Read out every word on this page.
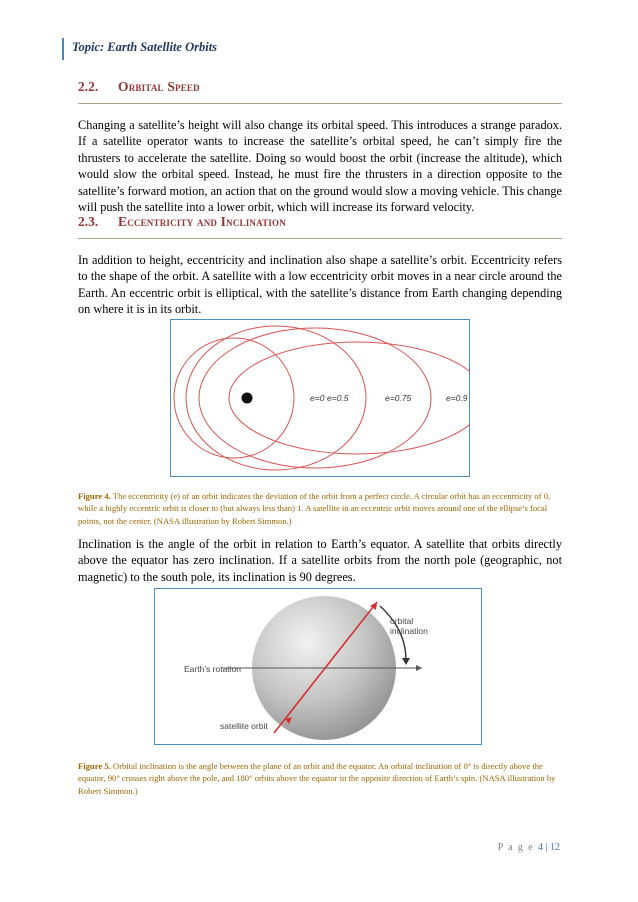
Topic: Earth Satellite Orbits
2.2. Orbital Speed
Changing a satellite’s height will also change its orbital speed. This introduces a strange paradox. If a satellite operator wants to increase the satellite’s orbital speed, he can’t simply fire the thrusters to accelerate the satellite. Doing so would boost the orbit (increase the altitude), which would slow the orbital speed. Instead, he must fire the thrusters in a direction opposite to the satellite’s forward motion, an action that on the ground would slow a moving vehicle. This change will push the satellite into a lower orbit, which will increase its forward velocity.
2.3. Eccentricity and Inclination
In addition to height, eccentricity and inclination also shape a satellite’s orbit. Eccentricity refers to the shape of the orbit. A satellite with a low eccentricity orbit moves in a near circle around the Earth. An eccentric orbit is elliptical, with the satellite’s distance from Earth changing depending on where it is in its orbit.
e=0 e=0.5	e=0.75	e=0.9
Figure 4. The eccentricity (e) of an orbit indicates the deviation of the orbit from a perfect circle. A circular orbit has an eccentricity of 0, while a highly eccentric orbit is closer to (but always less than) 1. A satellite in an eccentric orbit moves around one of the ellipse’s focal points, not the center. (NASA illustration by Robert Simmon.)
Inclination is the angle of the orbit in relation to Earth’s equator. A satellite that orbits directly above the equator has zero inclination. If a satellite orbits from the north pole (geographic, not magnetic) to the south pole, its inclination is 90 degrees.
orbital
inclination
Earth’s rotation
satellite orbit
Figure 5. Orbital inclination is the angle between the plane of an orbit and the equator. An orbital inclination of 0° is directly above the equator, 90° crosses right above the pole, and 180° orbits above the equator in the opposite direction of Earth’s spin. (NASA illustration by Robert Simmon.)
P a g e 4 | 12
